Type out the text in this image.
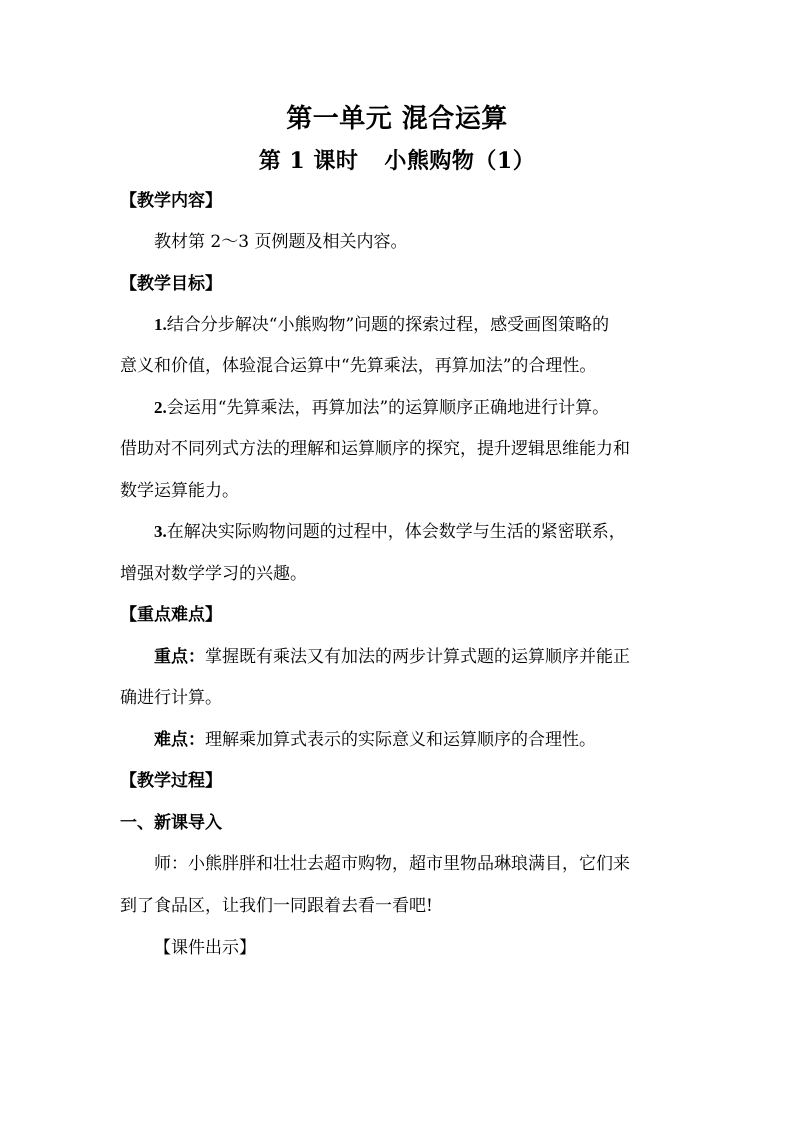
第一单元 混合运算
第 1 课时 小熊购物（1）
【教学内容】
教材第 2～3 页例题及相关内容。
【教学目标】
1.结合分步解决“小熊购物”问题的探索过程，感受画图策略的
意义和价值，体验混合运算中“先算乘法，再算加法”的合理性。
2.会运用“先算乘法，再算加法”的运算顺序正确地进行计算。
借助对不同列式方法的理解和运算顺序的探究，提升逻辑思维能力和
数学运算能力。
3.在解决实际购物问题的过程中，体会数学与生活的紧密联系，
增强对数学学习的兴趣。
【重点难点】
重点：掌握既有乘法又有加法的两步计算式题的运算顺序并能正
确进行计算。
难点：理解乘加算式表示的实际意义和运算顺序的合理性。
【教学过程】
一、新课导入
师：小熊胖胖和壮壮去超市购物，超市里物品琳琅满目，它们来
到了食品区，让我们一同跟着去看一看吧!
【课件出示】
